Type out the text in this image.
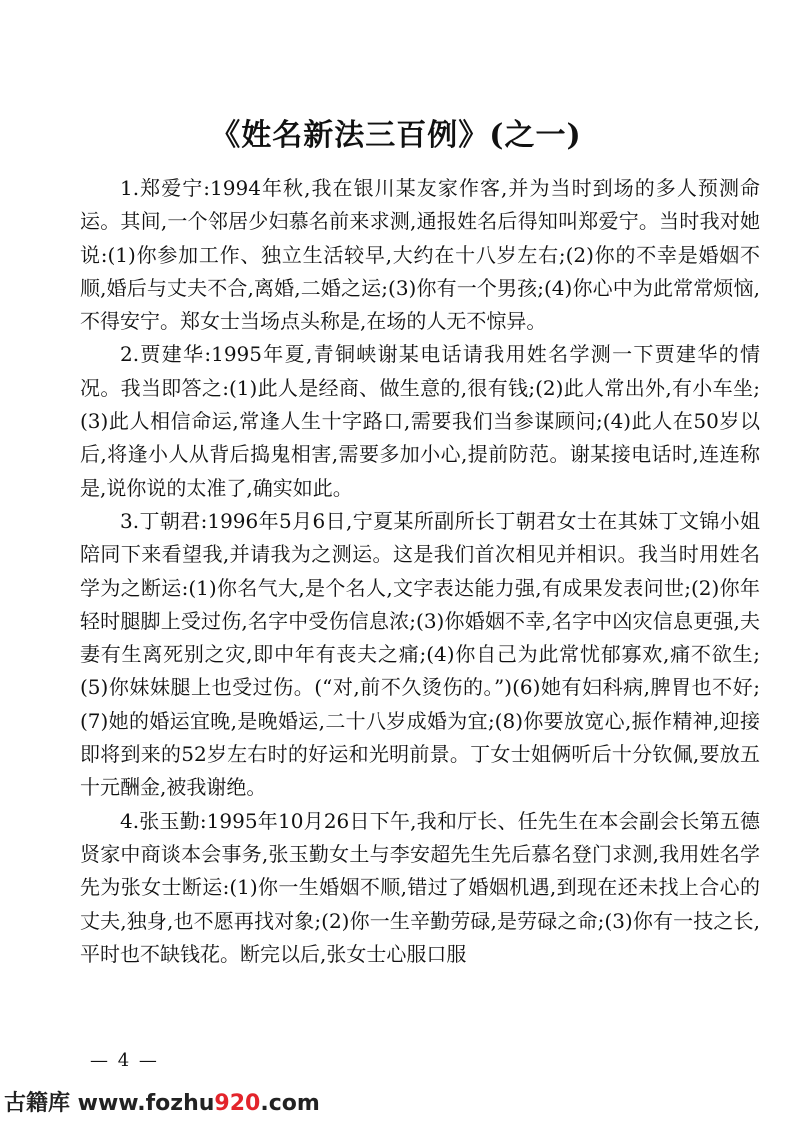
《姓名新法三百例》(之一)

1.郑爱宁:1994年秋,我在银川某友家作客,并为当时到场的多人预测命运。其间,一个邻居少妇慕名前来求测,通报姓名后得知叫郑爱宁。当时我对她说:(1)你参加工作、独立生活较早,大约在十八岁左右;(2)你的不幸是婚姻不顺,婚后与丈夫不合,离婚,二婚之运;(3)你有一个男孩;(4)你心中为此常常烦恼,不得安宁。郑女士当场点头称是,在场的人无不惊异。

2.贾建华:1995年夏,青铜峡谢某电话请我用姓名学测一下贾建华的情况。我当即答之:(1)此人是经商、做生意的,很有钱;(2)此人常出外,有小车坐;(3)此人相信命运,常逢人生十字路口,需要我们当参谋顾问;(4)此人在50岁以后,将逢小人从背后捣鬼相害,需要多加小心,提前防范。谢某接电话时,连连称是,说你说的太准了,确实如此。

3.丁朝君:1996年5月6日,宁夏某所副所长丁朝君女士在其妹丁文锦小姐陪同下来看望我,并请我为之测运。这是我们首次相见并相识。我当时用姓名学为之断运:(1)你名气大,是个名人,文字表达能力强,有成果发表问世;(2)你年轻时腿脚上受过伤,名字中受伤信息浓;(3)你婚姻不幸,名字中凶灾信息更强,夫妻有生离死别之灾,即中年有丧夫之痛;(4)你自己为此常忧郁寡欢,痛不欲生;(5)你妹妹腿上也受过伤。(“对,前不久烫伤的。”)(6)她有妇科病,脾胃也不好;(7)她的婚运宜晚,是晚婚运,二十八岁成婚为宜;(8)你要放宽心,振作精神,迎接即将到来的52岁左右时的好运和光明前景。丁女士姐俩听后十分钦佩,要放五十元酬金,被我谢绝。

4.张玉勤:1995年10月26日下午,我和厅长、任先生在本会副会长第五德贤家中商谈本会事务,张玉勤女土与李安超先生先后慕名登门求测,我用姓名学先为张女士断运:(1)你一生婚姻不顺,错过了婚姻机遇,到现在还未找上合心的丈夫,独身,也不愿再找对象;(2)你一生辛勤劳碌,是劳碌之命;(3)你有一技之长,平时也不缺钱花。断完以后,张女士心服口服

— 4 —
古籍库 www.fozhu920.com
